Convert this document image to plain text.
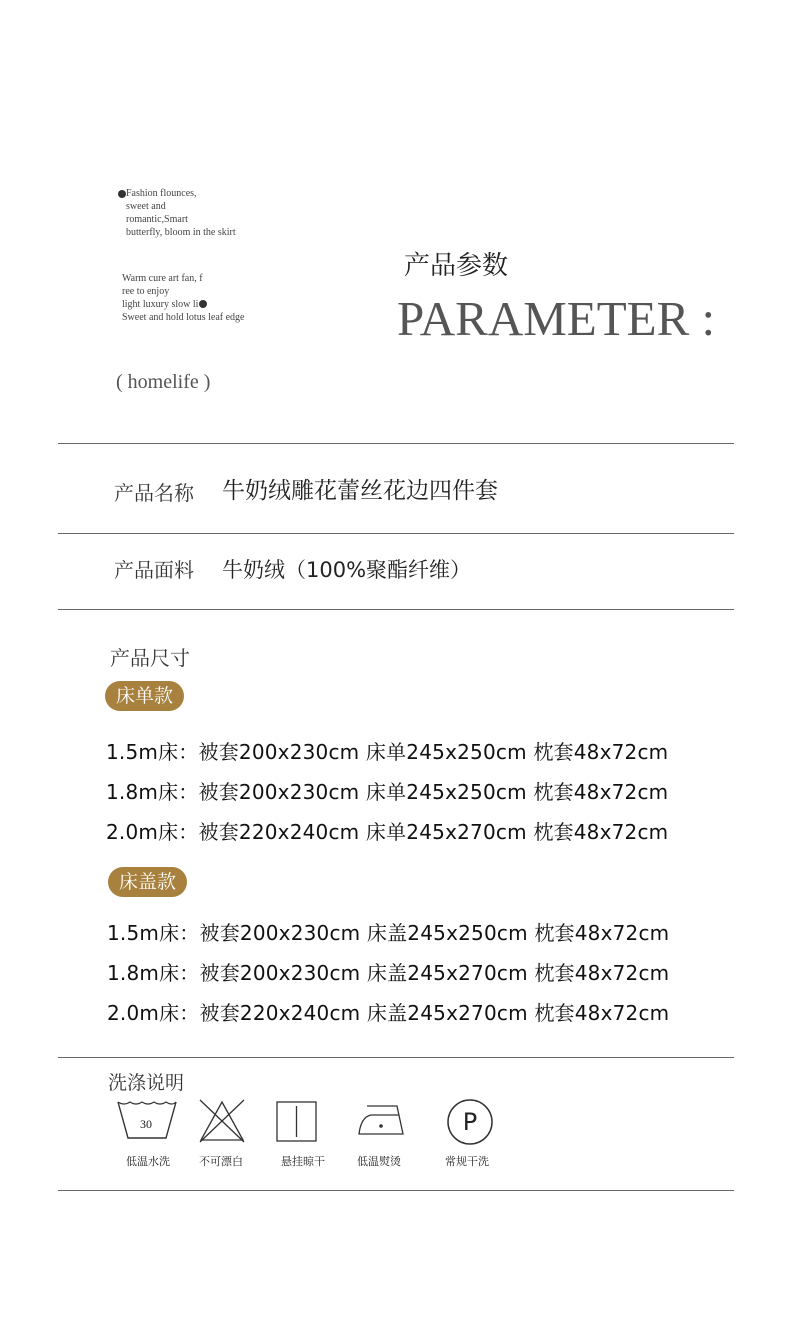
Fashion flounces,
sweet and
romantic,Smart
butterfly, bloom in the skirt
Warm cure art fan, f
ree to enjoy
light luxury slow li
Sweet and hold lotus leaf edge
( homelife )
产品参数
PARAMETER :
产品名称 牛奶绒雕花蕾丝花边四件套
产品面料 牛奶绒（100%聚酯纤维）
产品尺寸
床单款
1.5m床：被套200x230cm 床单245x250cm 枕套48x72cm
1.8m床：被套200x230cm 床单245x250cm 枕套48x72cm
2.0m床：被套220x240cm 床单245x270cm 枕套48x72cm
床盖款
1.5m床：被套200x230cm 床盖245x250cm 枕套48x72cm
1.8m床：被套200x230cm 床盖245x270cm 枕套48x72cm
2.0m床：被套220x240cm 床盖245x270cm 枕套48x72cm
洗涤说明
30	P
低温水洗	不可漂白	悬挂晾干	低温熨烫	常规干洗
